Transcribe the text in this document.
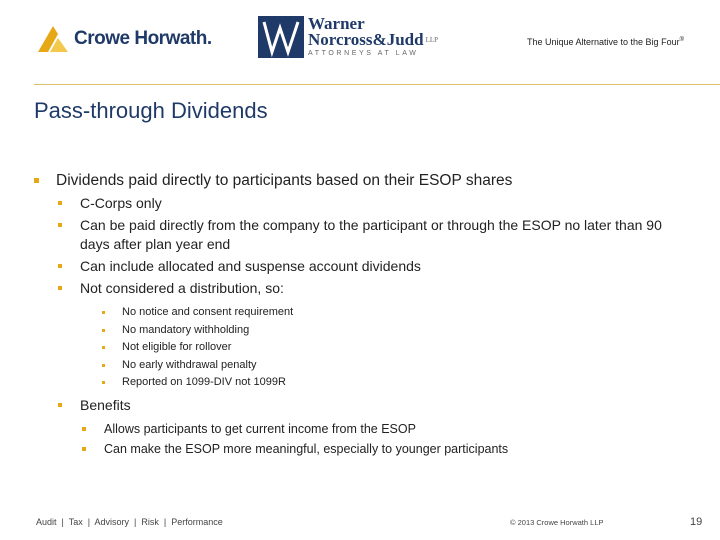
Crowe Horwath.
Warner
Norcross&Judd LLP
ATTORNEYS AT LAW
The Unique Alternative to the Big Four®
Pass-through Dividends
Dividends paid directly to participants based on their ESOP shares
C-Corps only
Can be paid directly from the company to the participant or through the ESOP no later than 90 days after plan year end
Can include allocated and suspense account dividends
Not considered a distribution, so:
No notice and consent requirement
No mandatory withholding
Not eligible for rollover
No early withdrawal penalty
Reported on 1099-DIV not 1099R
Benefits
Allows participants to get current income from the ESOP
Can make the ESOP more meaningful, especially to younger participants
Audit  |  Tax  |  Advisory  |  Risk  |  Performance	© 2013 Crowe Horwath LLP	19
